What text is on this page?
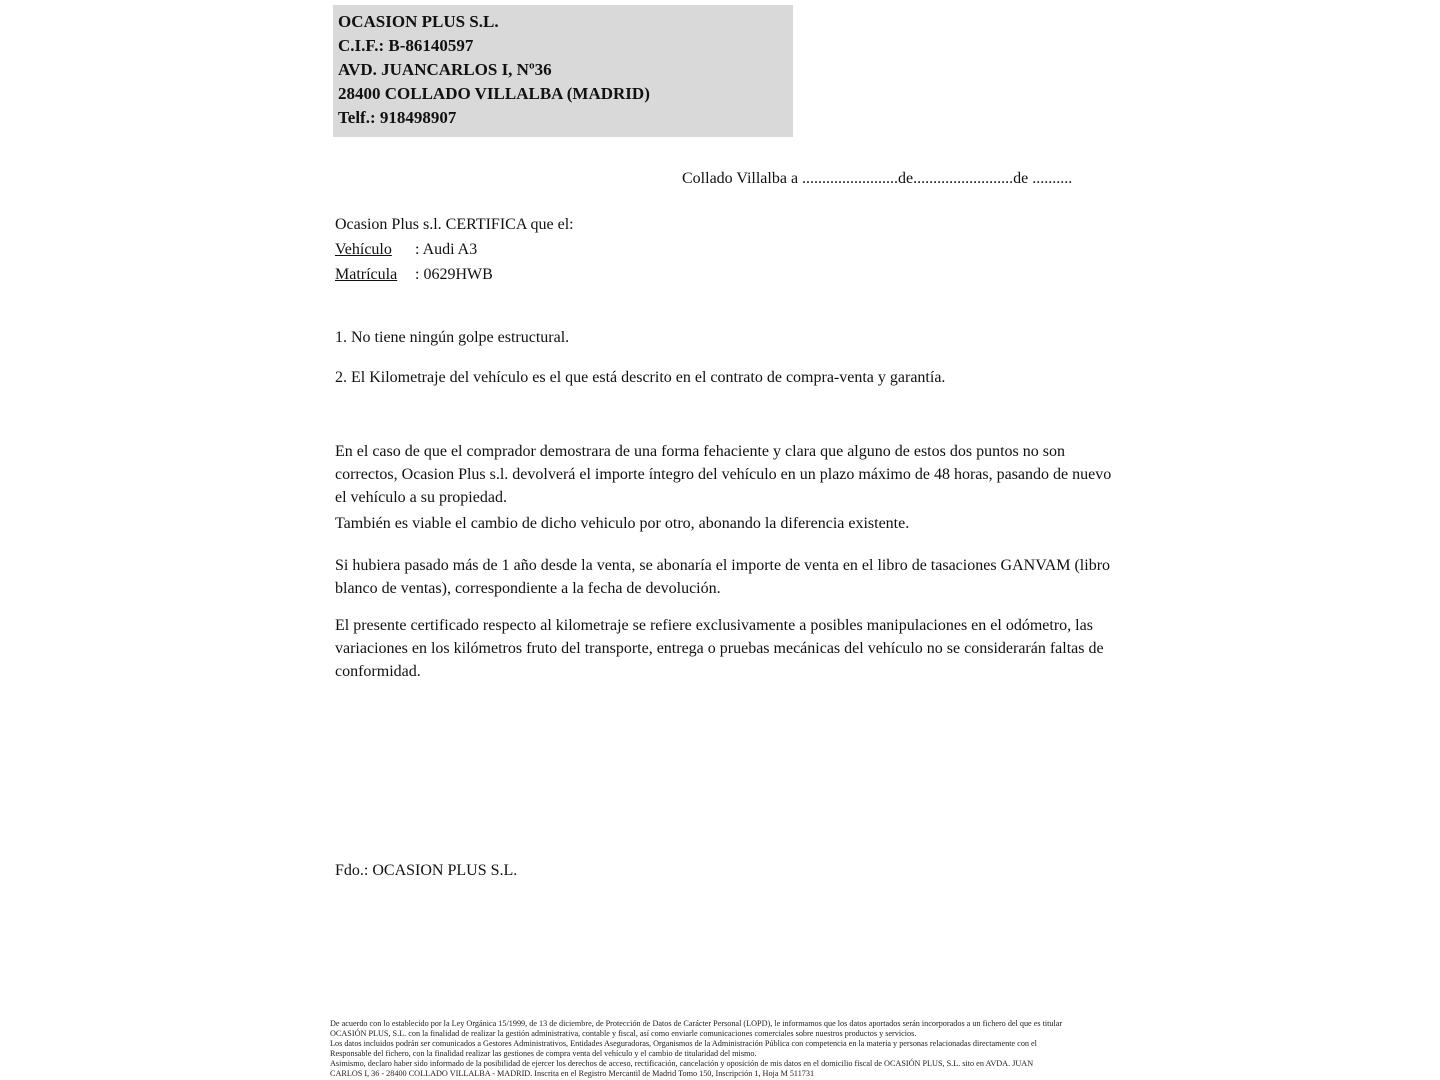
OCASION PLUS S.L.
C.I.F.: B-86140597
AVD. JUANCARLOS I, Nº36
28400 COLLADO VILLALBA (MADRID)
Telf.: 918498907
Collado Villalba a ........................de.........................de ..........
Ocasion Plus s.l. CERTIFICA que el:
Vehículo : Audi A3
Matrícula : 0629HWB
1. No tiene ningún golpe estructural.
2. El Kilometraje del vehículo es el que está descrito en el contrato de compra-venta y garantía.
En el caso de que el comprador demostrara de una forma fehaciente y clara que alguno de estos dos puntos no son correctos, Ocasion Plus s.l. devolverá el importe íntegro del vehículo en un plazo máximo de 48 horas, pasando de nuevo el vehículo a su propiedad.
También es viable el cambio de dicho vehiculo por otro, abonando la diferencia existente.
Si hubiera pasado más de 1 año desde la venta, se abonaría el importe de venta en el libro de tasaciones GANVAM (libro blanco de ventas), correspondiente a la fecha de devolución.
El presente certificado respecto al kilometraje se refiere exclusivamente a posibles manipulaciones en el odómetro, las variaciones en los kilómetros fruto del transporte, entrega o pruebas mecánicas del vehículo no se considerarán faltas de conformidad.
Fdo.: OCASION PLUS S.L.
De acuerdo con lo establecido por la Ley Orgánica 15/1999, de 13 de diciembre, de Protección de Datos de Carácter Personal (LOPD), le informamos que los datos aportados serán incorporados a un fichero del que es titular
OCASIÓN PLUS, S.L. con la finalidad de realizar la gestión administrativa, contable y fiscal, así como enviarle comunicaciones comerciales sobre nuestros productos y servicios.
Los datos incluidos podrán ser comunicados a Gestores Administrativos, Entidades Aseguradoras, Organismos de la Administración Pública con competencia en la materia y personas relacionadas directamente con el
Responsable del fichero, con la finalidad realizar las gestiones de compra venta del vehículo y el cambio de titularidad del mismo.
Asimismo, declaro haber sido informado de la posibilidad de ejercer los derechos de acceso, rectificación, cancelación y oposición de mis datos en el domicilio fiscal de OCASIÓN PLUS, S.L. sito en AVDA. JUAN
CARLOS I, 36 - 28400 COLLADO VILLALBA - MADRID. Inscrita en el Registro Mercantil de Madrid Tomo 150, Inscripción 1, Hoja M 511731
